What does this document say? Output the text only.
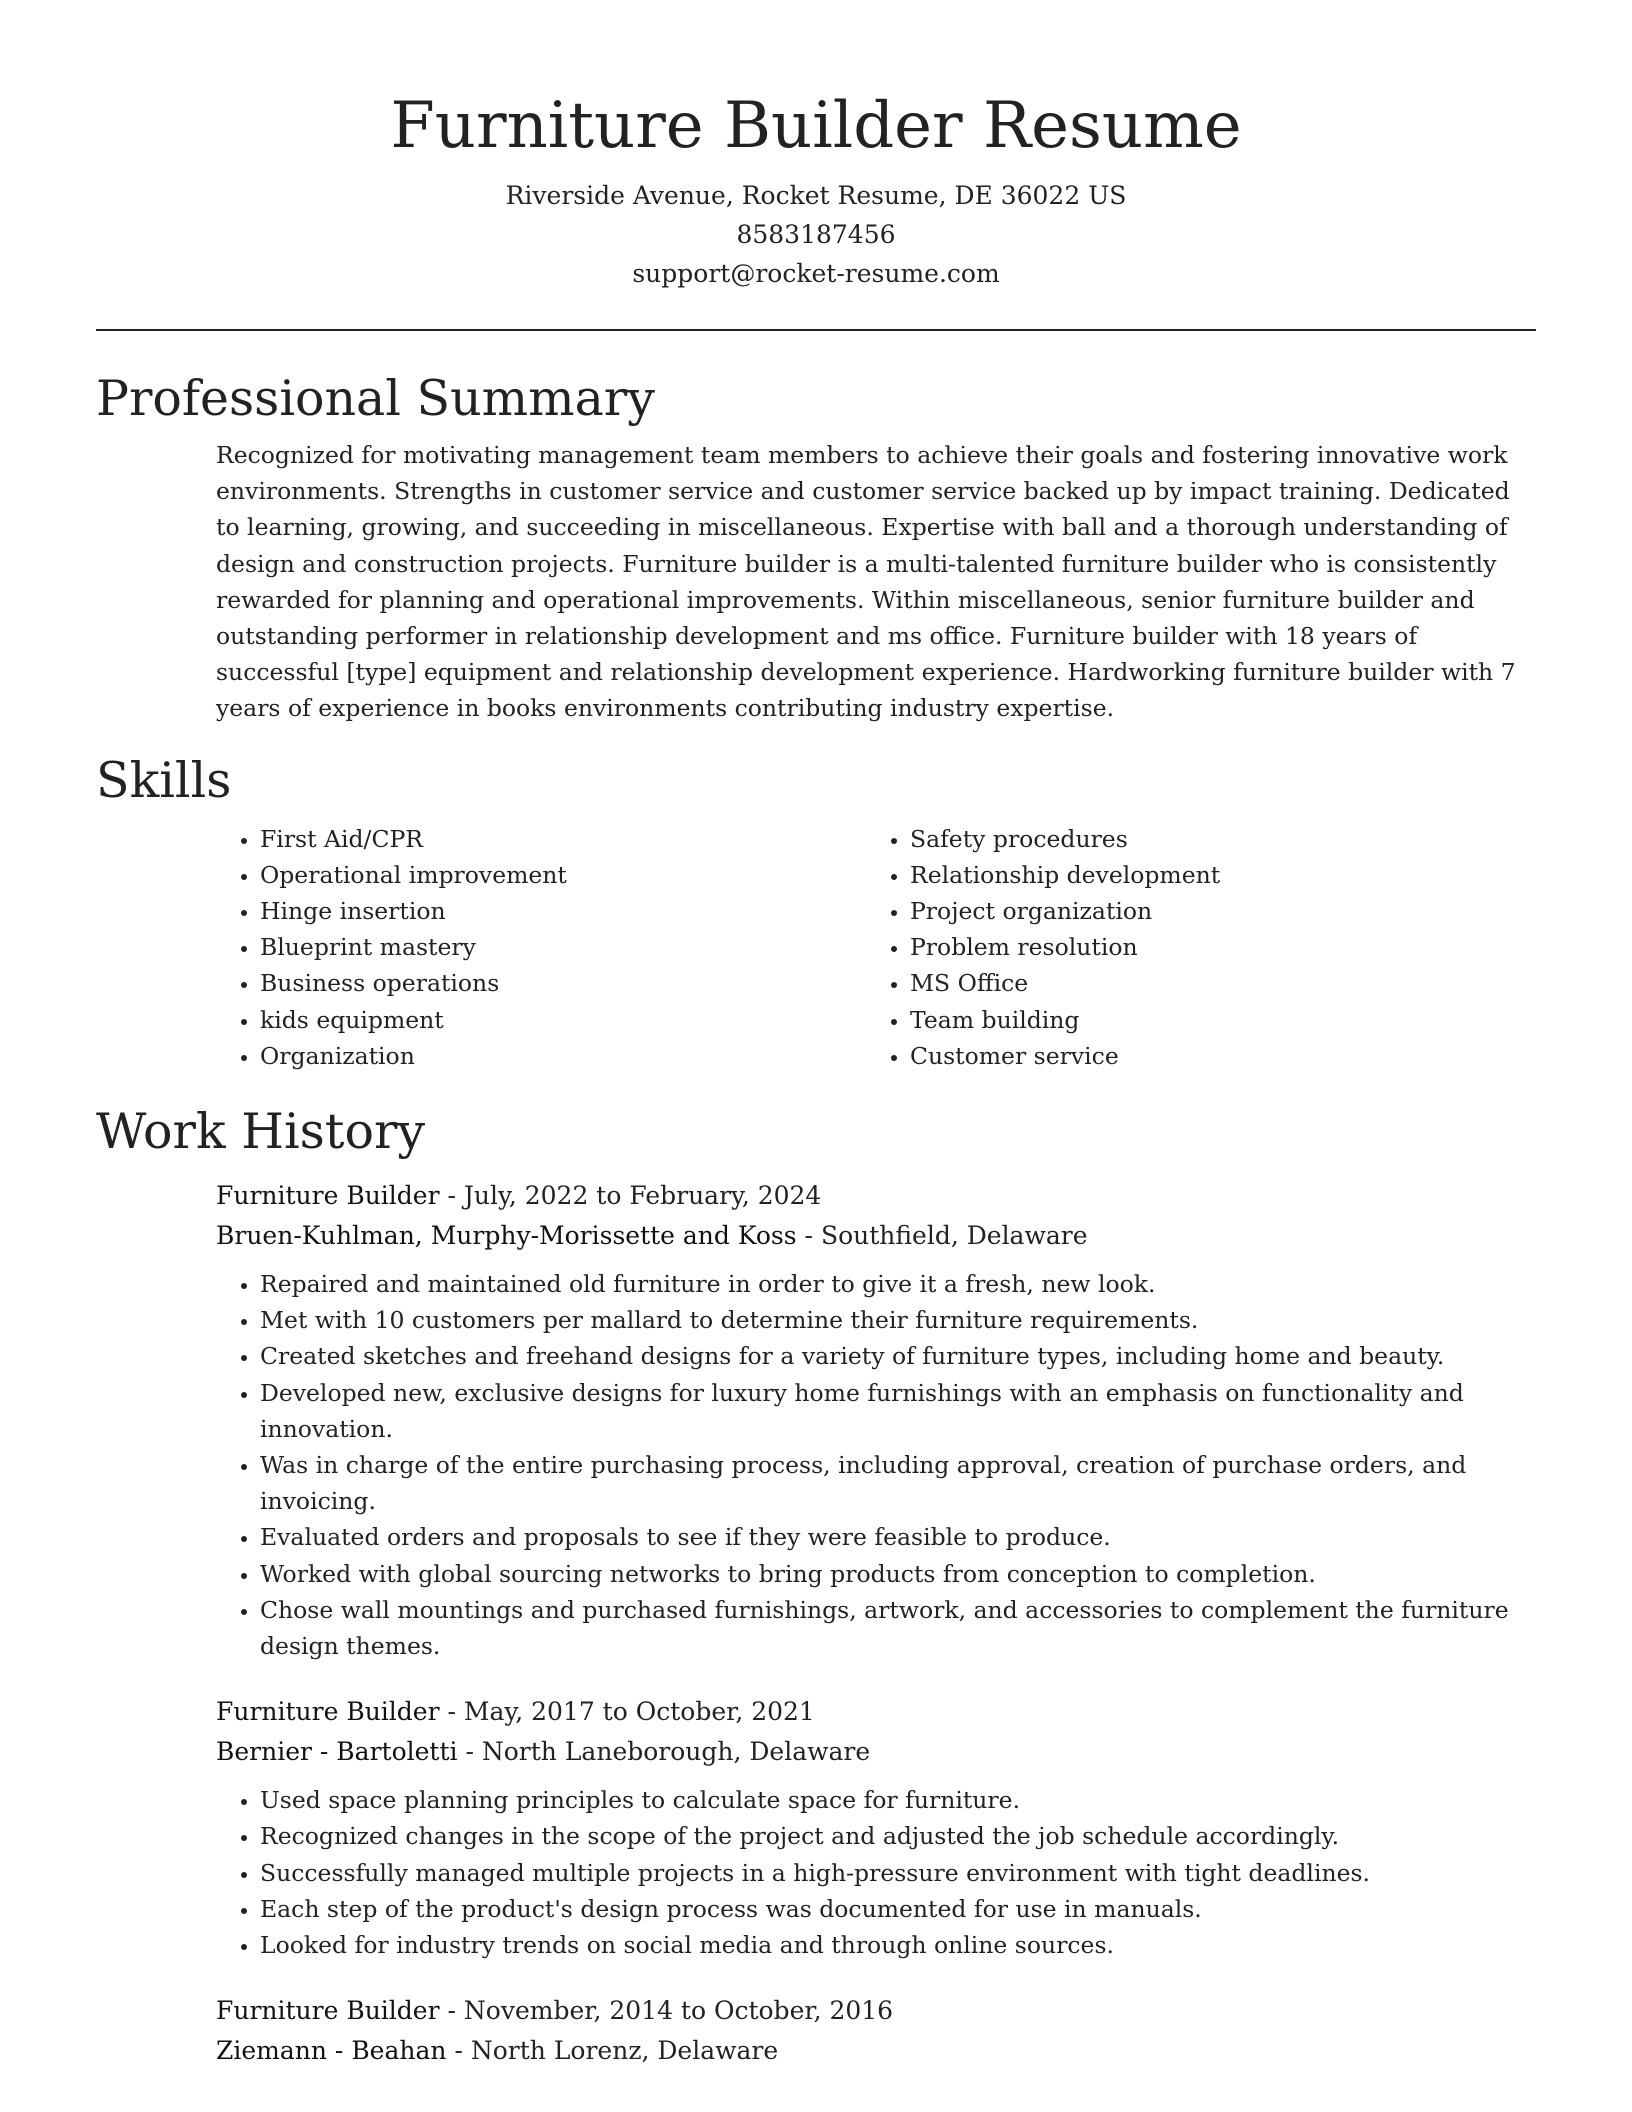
Furniture Builder Resume

Riverside Avenue, Rocket Resume, DE 36022 US

8583187456

support@rocket-resume.com

Professional Summary

Recognized for motivating management team members to achieve their goals and fostering innovative work environments. Strengths in customer service and customer service backed up by impact training. Dedicated to learning, growing, and succeeding in miscellaneous. Expertise with ball and a thorough understanding of design and construction projects. Furniture builder is a multi-talented furniture builder who is consistently rewarded for planning and operational improvements. Within miscellaneous, senior furniture builder and outstanding performer in relationship development and ms office. Furniture builder with 18 years of successful [type] equipment and relationship development experience. Hardworking furniture builder with 7 years of experience in books environments contributing industry expertise.

Skills
• First Aid/CPR
• Operational improvement
• Hinge insertion
• Blueprint mastery
• Business operations
• kids equipment
• Organization
• Safety procedures
• Relationship development
• Project organization
• Problem resolution
• MS Office
• Team building
• Customer service
Work History
Furniture Builder - July, 2022 to February, 2024
Bruen-Kuhlman, Murphy-Morissette and Koss - Southfield, Delaware
• Repaired and maintained old furniture in order to give it a fresh, new look.
• Met with 10 customers per mallard to determine their furniture requirements.
• Created sketches and freehand designs for a variety of furniture types, including home and beauty.
• Developed new, exclusive designs for luxury home furnishings with an emphasis on functionality and innovation.
• Was in charge of the entire purchasing process, including approval, creation of purchase orders, and invoicing.
• Evaluated orders and proposals to see if they were feasible to produce.
• Worked with global sourcing networks to bring products from conception to completion.
• Chose wall mountings and purchased furnishings, artwork, and accessories to complement the furniture design themes.
Furniture Builder - May, 2017 to October, 2021
Bernier - Bartoletti - North Laneborough, Delaware
• Used space planning principles to calculate space for furniture.
• Recognized changes in the scope of the project and adjusted the job schedule accordingly.
• Successfully managed multiple projects in a high-pressure environment with tight deadlines.
• Each step of the product's design process was documented for use in manuals.
• Looked for industry trends on social media and through online sources.
Furniture Builder - November, 2014 to October, 2016
Ziemann - Beahan - North Lorenz, Delaware
